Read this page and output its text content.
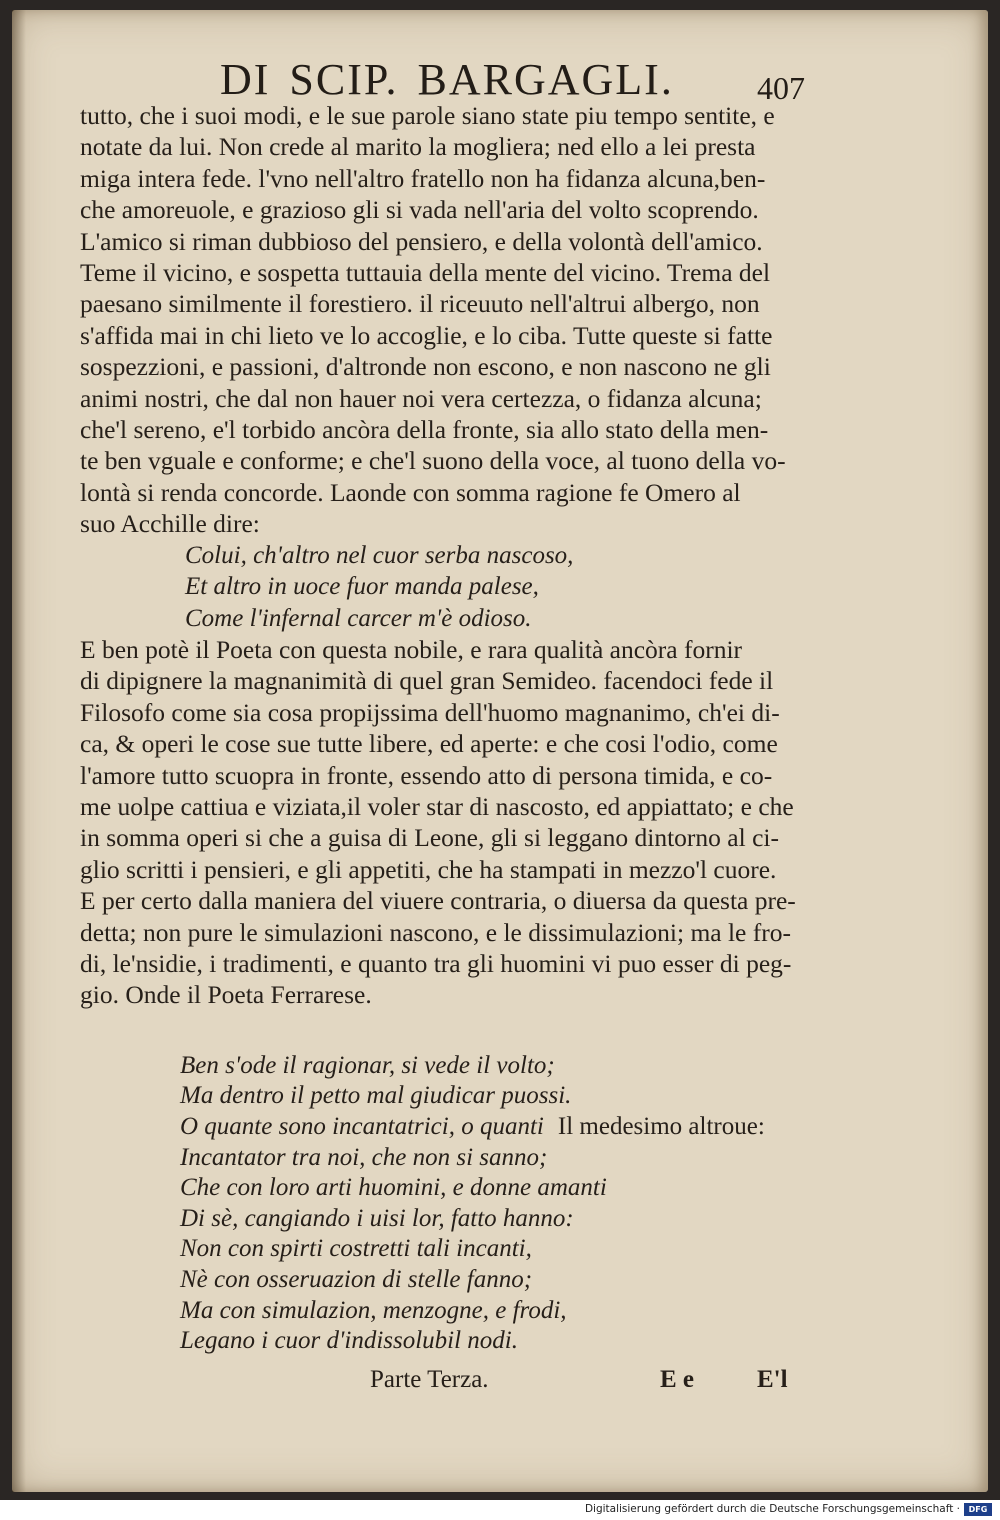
DI SCIP. BARGAGLI.	407
tutto, che i suoi modi, e le sue parole siano state piu tempo sentite, e
notate da lui. Non crede al marito la mogliera; ned ello a lei presta
miga intera fede. l'vno nell'altro fratello non ha fidanza alcuna,ben-
che amoreuole, e grazioso gli si vada nell'aria del volto scoprendo.
L'amico si riman dubbioso del pensiero, e della volontà dell'amico.
Teme il vicino, e sospetta tuttauia della mente del vicino. Trema del
paesano similmente il forestiero. il riceuuto nell'altrui albergo, non
s'affida mai in chi lieto ve lo accoglie, e lo ciba. Tutte queste si fatte
sospezzioni, e passioni, d'altronde non escono, e non nascono ne gli
animi nostri, che dal non hauer noi vera certezza, o fidanza alcuna;
che'l sereno, e'l torbido ancòra della fronte, sia allo stato della men-
te ben vguale e conforme; e che'l suono della voce, al tuono della vo-
lontà si renda concorde. Laonde con somma ragione fe Omero al
suo Acchille dire:
Colui, ch'altro nel cuor serba nascoso,
Et altro in uoce fuor manda palese,
Come l'infernal carcer m'è odioso.
E ben potè il Poeta con questa nobile, e rara qualità ancòra fornir
di dipignere la magnanimità di quel gran Semideo. facendoci fede il
Filosofo come sia cosa propijssima dell'huomo magnanimo, ch'ei di-
ca, & operi le cose sue tutte libere, ed aperte: e che cosi l'odio, come
l'amore tutto scuopra in fronte, essendo atto di persona timida, e co-
me uolpe cattiua e viziata,il voler star di nascosto, ed appiattato; e che
in somma operi si che a guisa di Leone, gli si leggano dintorno al ci-
glio scritti i pensieri, e gli appetiti, che ha stampati in mezzo'l cuore.
E per certo dalla maniera del viuere contraria, o diuersa da questa pre-
detta; non pure le simulazioni nascono, e le dissimulazioni; ma le fro-
di, le'nsidie, i tradimenti, e quanto tra gli huomini vi puo esser di peg-
gio. Onde il Poeta Ferrarese.
Ben s'ode il ragionar, si vede il volto;
Ma dentro il petto mal giudicar puossi.
O quante sono incantatrici, o quanti Il medesimo altroue:
Incantator tra noi, che non si sanno;
Che con loro arti huomini, e donne amanti
Di sè, cangiando i uisi lor, fatto hanno:
Non con spirti costretti tali incanti,
Nè con osseruazion di stelle fanno;
Ma con simulazion, menzogne, e frodi,
Legano i cuor d'indissolubil nodi.
Parte Terza.	E e	E'l
Digitalisierung gefördert durch die Deutsche Forschungsgemeinschaft ·	DFG
